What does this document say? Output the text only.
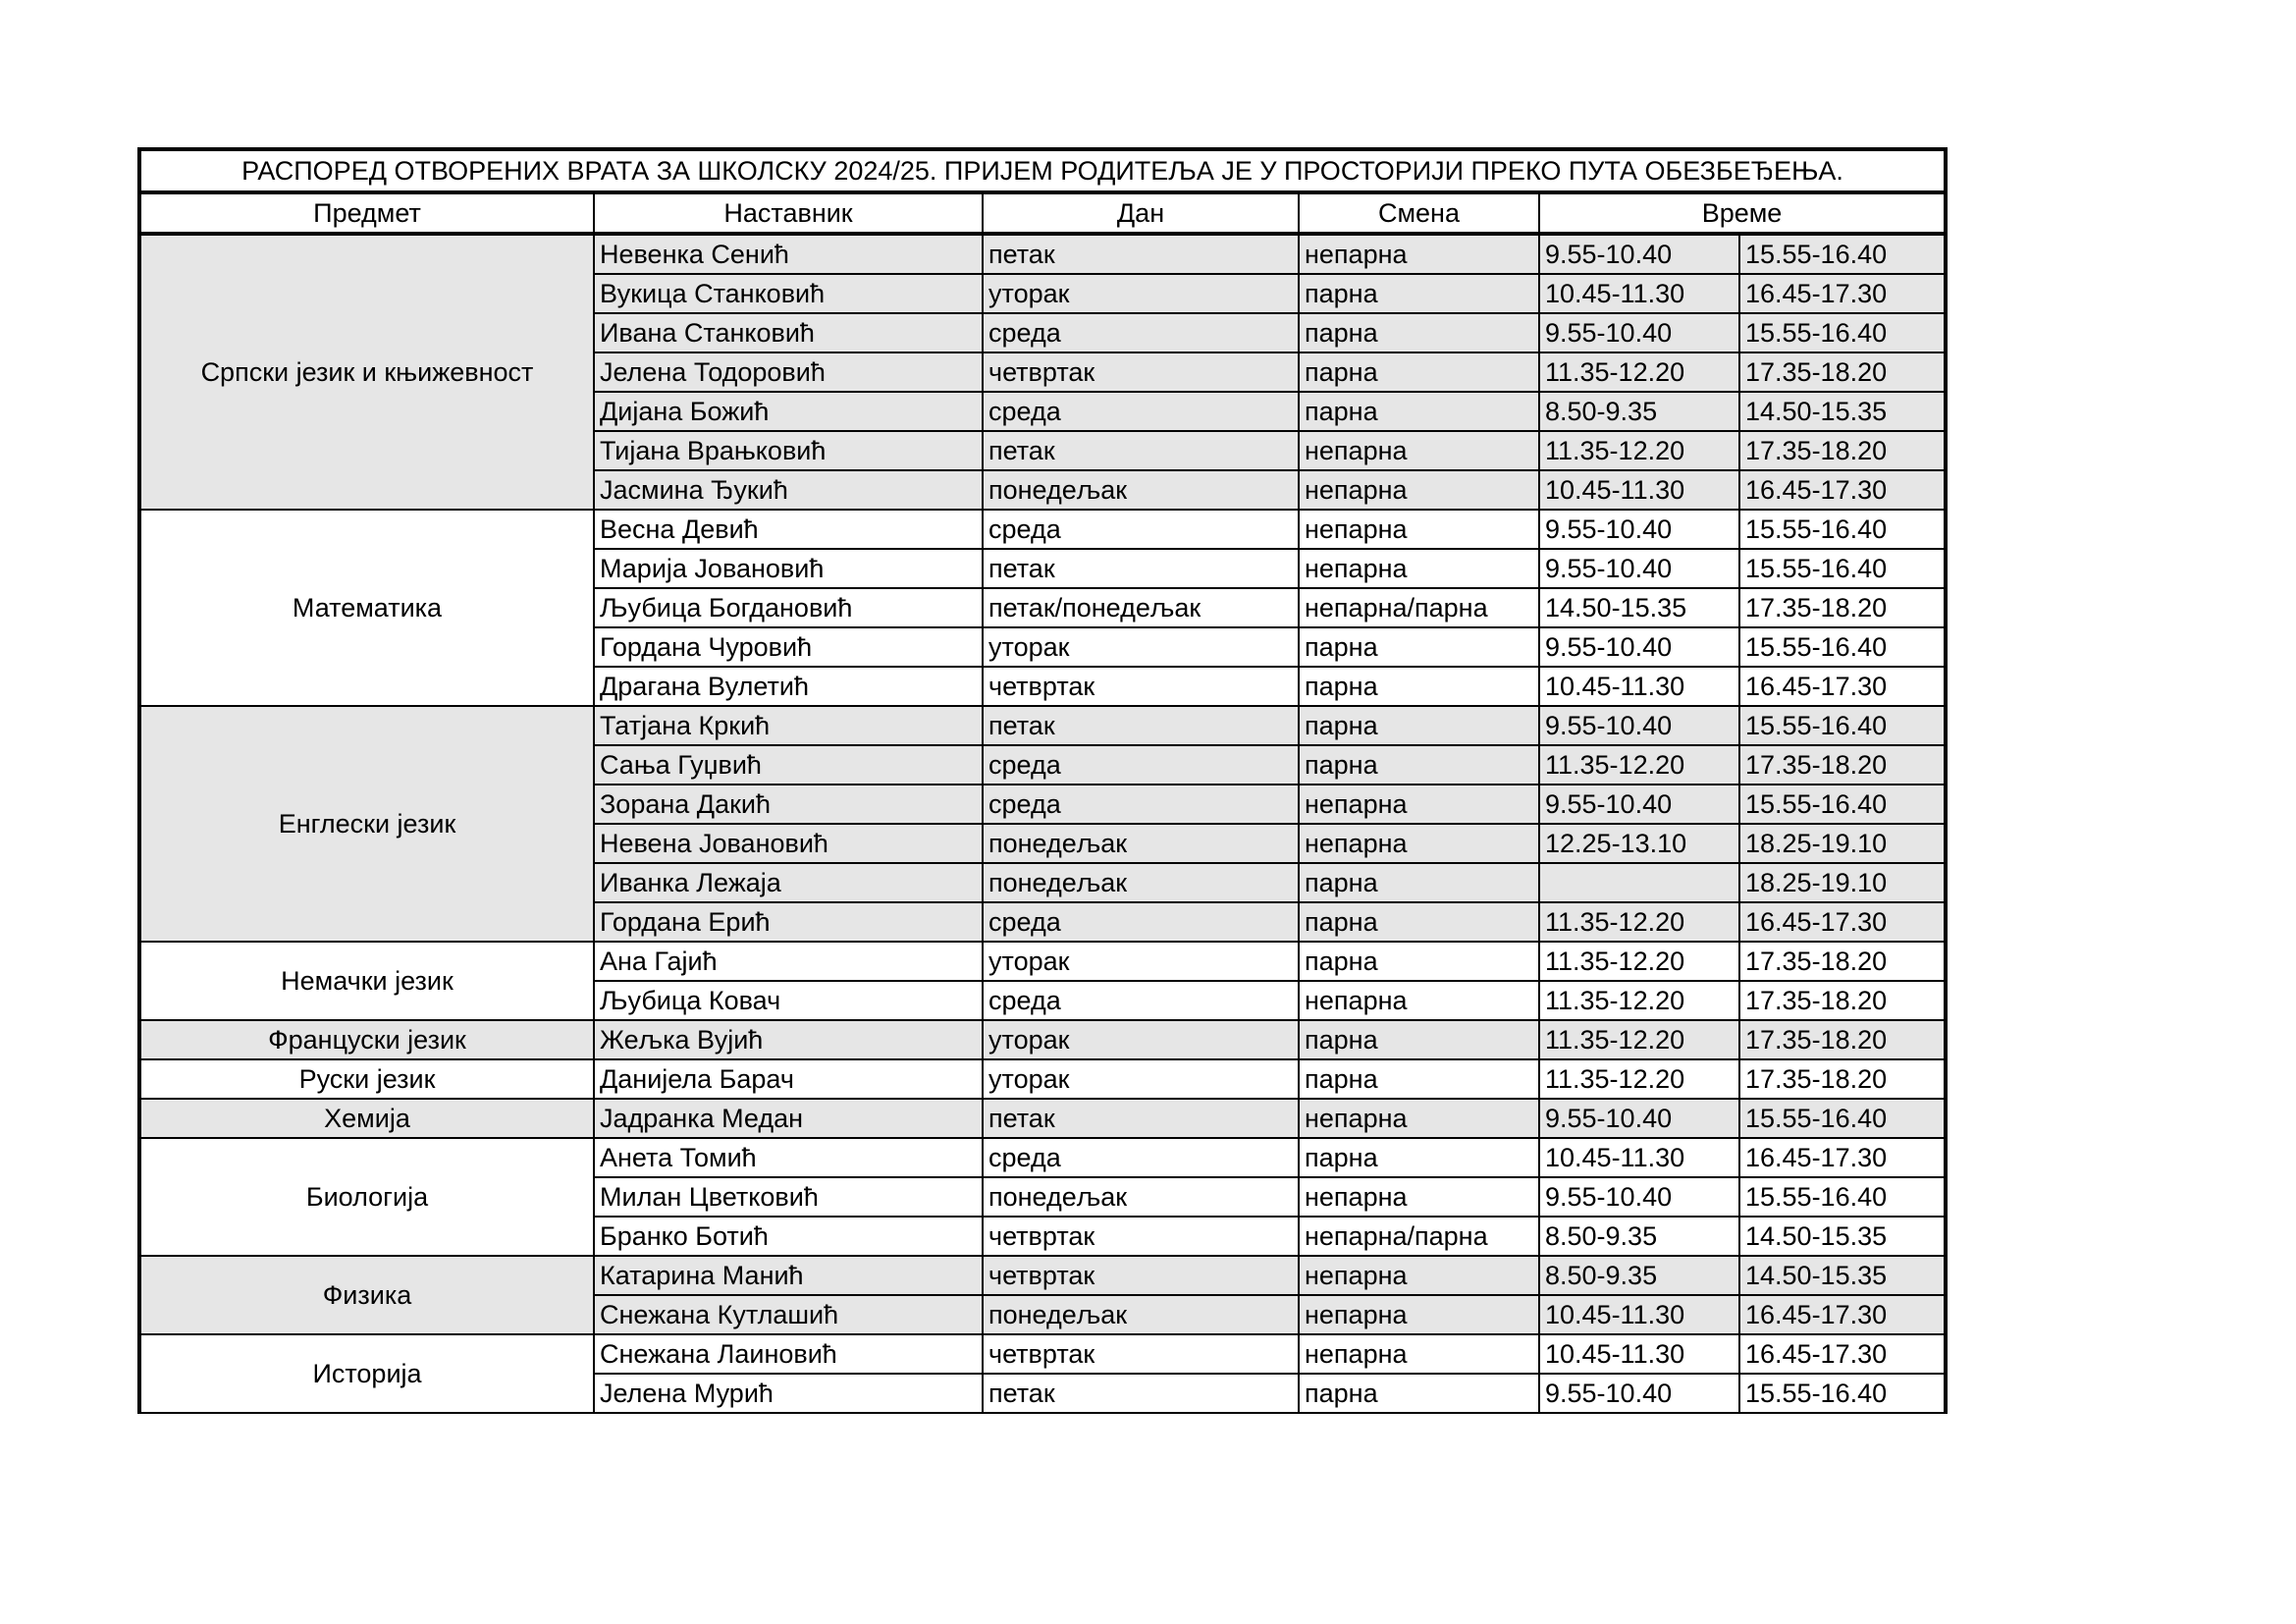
РАСПОРЕД ОТВОРЕНИХ ВРАТА ЗА ШКОЛСКУ 2024/25. ПРИЈЕМ РОДИТЕЉА ЈЕ У ПРОСТОРИЈИ ПРЕКО ПУТА ОБЕЗБЕЂЕЊА.					
Предмет	Наставник	Дан	Смена	Време	
Српски језик и књижевност	Невенка Сенић	петак	непарна	9.55-10.40	15.55-16.40
	Вукица Станковић	уторак	парна	10.45-11.30	16.45-17.30
	Ивана Станковић	среда	парна	9.55-10.40	15.55-16.40
	Јелена Тодоровић	четвртак	парна	11.35-12.20	17.35-18.20
	Дијана Божић	среда	парна	8.50-9.35	14.50-15.35
	Тијана Врањковић	петак	непарна	11.35-12.20	17.35-18.20
	Јасмина Ђукић	понедељак	непарна	10.45-11.30	16.45-17.30
Математика	Весна Девић	среда	непарна	9.55-10.40	15.55-16.40
	Марија Јовановић	петак	непарна	9.55-10.40	15.55-16.40
	Љубица Богдановић	петак/понедељак	непарна/парна	14.50-15.35	17.35-18.20
	Гордана Чуровић	уторак	парна	9.55-10.40	15.55-16.40
	Драгана Вулетић	четвртак	парна	10.45-11.30	16.45-17.30
Енглески језик	Татјана Кркић	петак	парна	9.55-10.40	15.55-16.40
	Сања Гуџвић	среда	парна	11.35-12.20	17.35-18.20
	Зорана Дакић	среда	непарна	9.55-10.40	15.55-16.40
	Невена Јовановић	понедељак	непарна	12.25-13.10	18.25-19.10
	Иванка Лежаја	понедељак	парна		18.25-19.10
	Гордана Ерић	среда	парна	11.35-12.20	16.45-17.30
Немачки језик	Ана Гајић	уторак	парна	11.35-12.20	17.35-18.20
	Љубица Ковач	среда	непарна	11.35-12.20	17.35-18.20
Француски језик	Жељка Вујић	уторак	парна	11.35-12.20	17.35-18.20
Руски језик	Данијела Барач	уторак	парна	11.35-12.20	17.35-18.20
Хемија	Јадранка Медан	петак	непарна	9.55-10.40	15.55-16.40
Биологија	Анета Томић	среда	парна	10.45-11.30	16.45-17.30
	Милан Цветковић	понедељак	непарна	9.55-10.40	15.55-16.40
	Бранко Ботић	четвртак	непарна/парна	8.50-9.35	14.50-15.35
Физика	Катарина Манић	четвртак	непарна	8.50-9.35	14.50-15.35
	Снежана Кутлашић	понедељак	непарна	10.45-11.30	16.45-17.30
Историја	Снежана Лаиновић	четвртак	непарна	10.45-11.30	16.45-17.30
	Јелена Мурић	петак	парна	9.55-10.40	15.55-16.40
